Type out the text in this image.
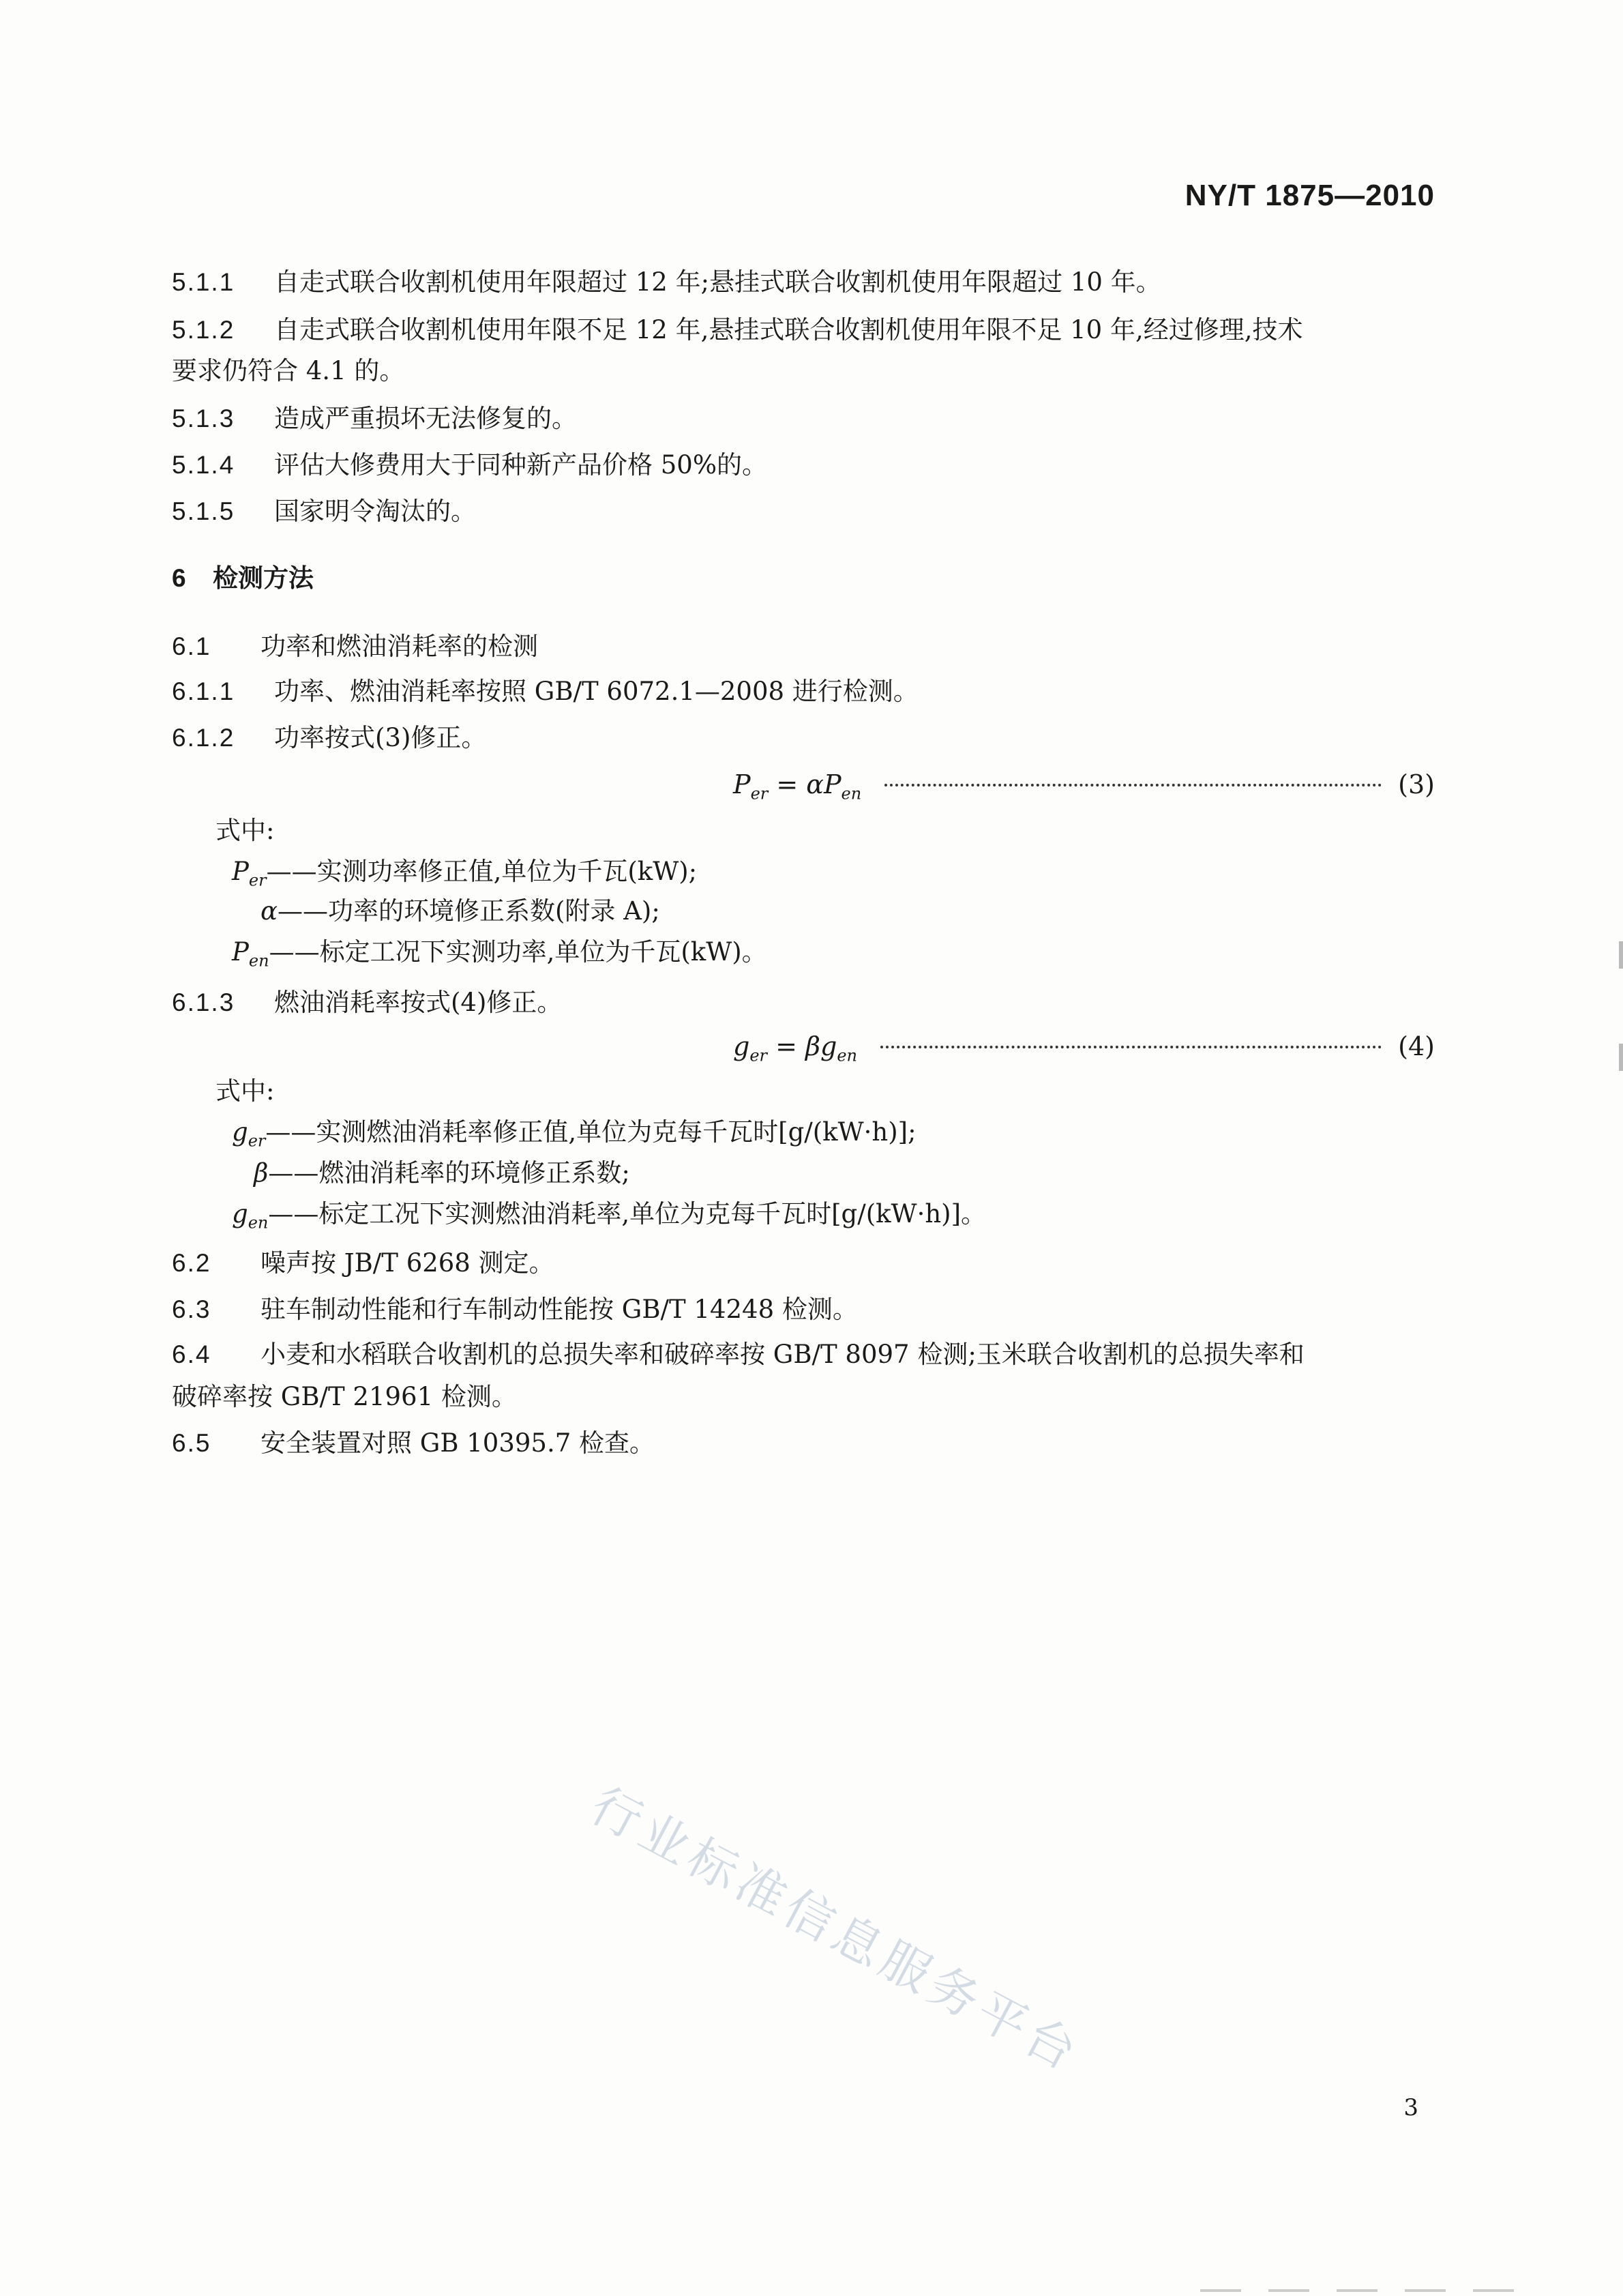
NY/T 1875—2010
5.1.1 自走式联合收割机使用年限超过 12 年;悬挂式联合收割机使用年限超过 10 年。
5.1.2 自走式联合收割机使用年限不足 12 年,悬挂式联合收割机使用年限不足 10 年,经过修理,技术
要求仍符合 4.1 的。
5.1.3 造成严重损坏无法修复的。
5.1.4 评估大修费用大于同种新产品价格 50%的。
5.1.5 国家明令淘汰的。
6 检测方法
6.1 功率和燃油消耗率的检测
6.1.1 功率、燃油消耗率按照 GB/T 6072.1—2008 进行检测。
6.1.2 功率按式(3)修正。
$P_{er} = \alpha P_{en}$	(3)
式中:
$P_{er}——$实测功率修正值,单位为千瓦(kW);
α——功率的环境修正系数(附录 A);
$P_{en}——$标定工况下实测功率,单位为千瓦(kW)。
6.1.3 燃油消耗率按式(4)修正。
$g_{er} = \beta g_{en}$	(4)
式中:
$g_{er}——$实测燃油消耗率修正值,单位为克每千瓦时[g/(kW·h)];
β——燃油消耗率的环境修正系数;
$g_{en}——$标定工况下实测燃油消耗率,单位为克每千瓦时[g/(kW·h)]。
6.2 噪声按 JB/T 6268 测定。
6.3 驻车制动性能和行车制动性能按 GB/T 14248 检测。
6.4 小麦和水稻联合收割机的总损失率和破碎率按 GB/T 8097 检测;玉米联合收割机的总损失率和
破碎率按 GB/T 21961 检测。
6.5 安全装置对照 GB 10395.7 检查。
行业标准信息服务平台
3
